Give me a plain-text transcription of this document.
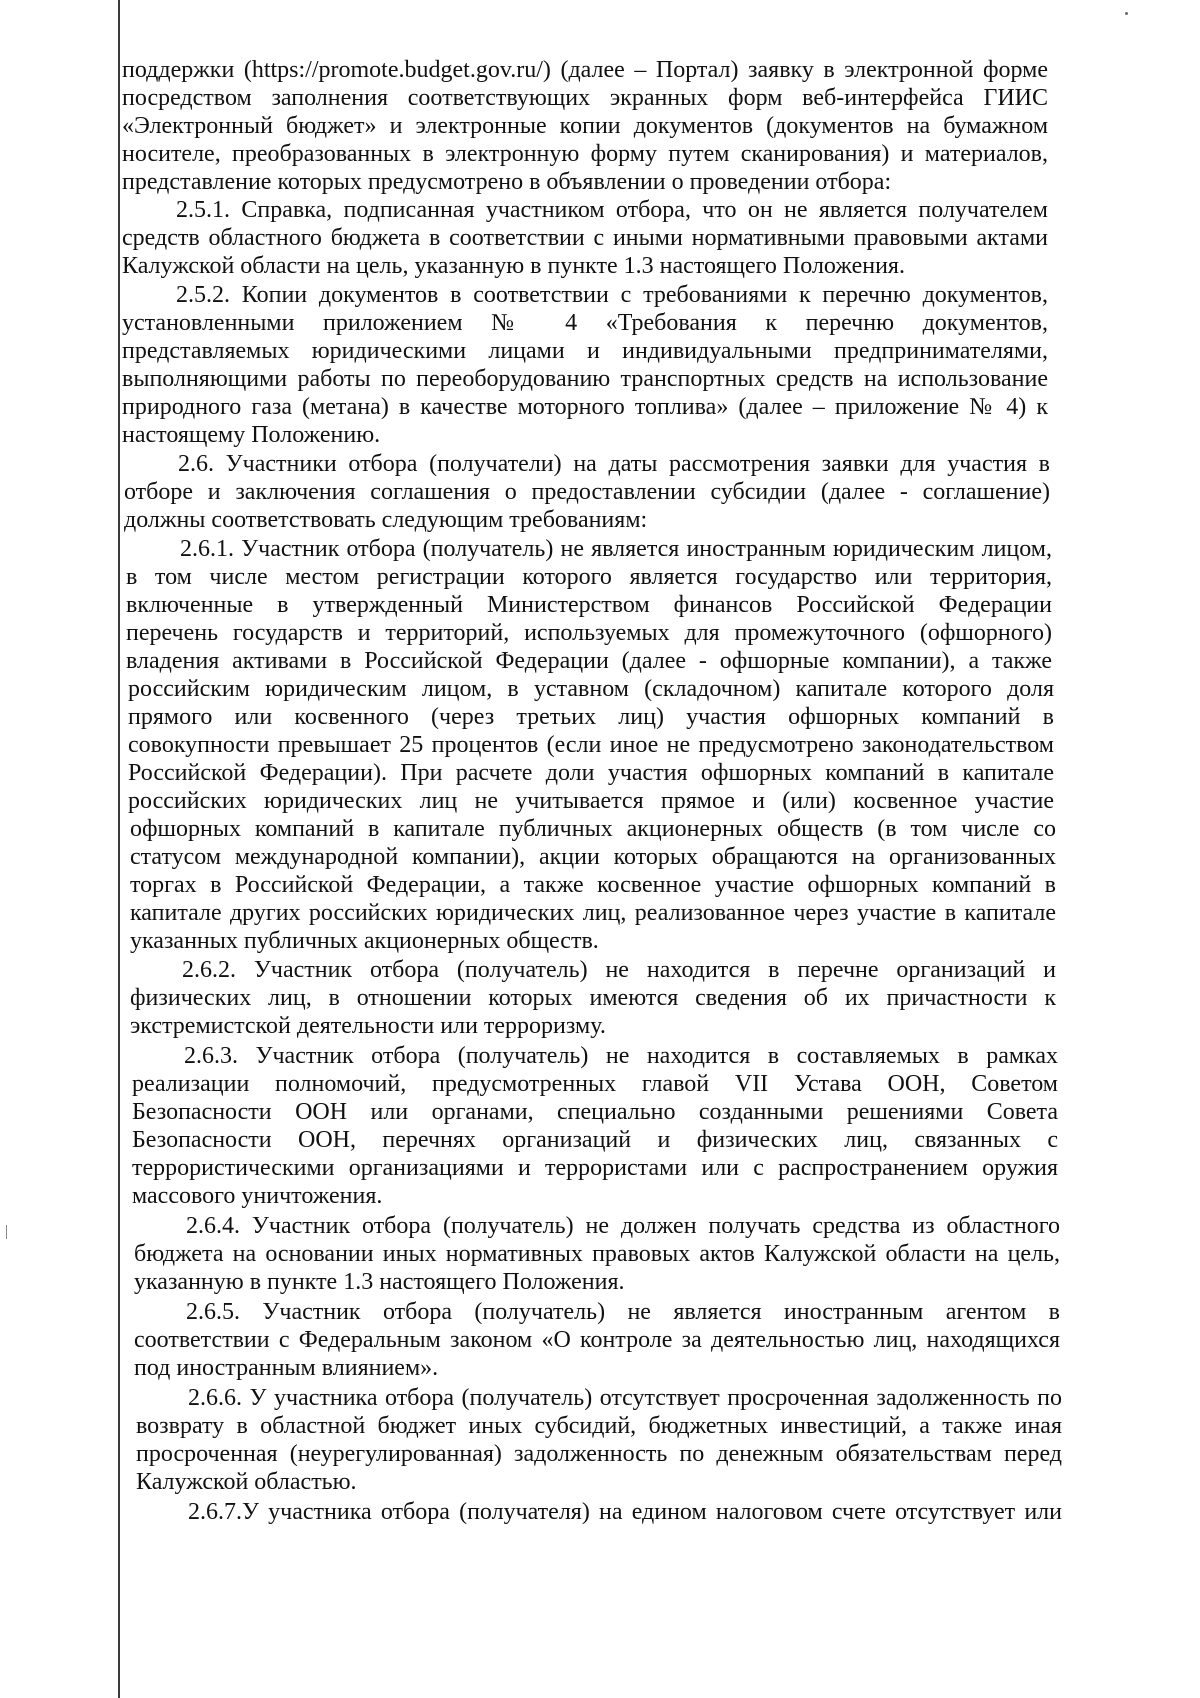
поддержки (https://promote.budget.gov.ru/) (далее – Портал) заявку в электронной форме
посредством заполнения соответствующих экранных форм веб-интерфейса ГИИС
«Электронный бюджет» и электронные копии документов (документов на бумажном
носителе, преобразованных в электронную форму путем сканирования) и материалов,
представление которых предусмотрено в объявлении о проведении отбора:
2.5.1. Справка, подписанная участником отбора, что он не является получателем
средств областного бюджета в соответствии с иными нормативными правовыми актами
Калужской области на цель, указанную в пункте 1.3 настоящего Положения.
2.5.2. Копии документов в соответствии с требованиями к перечню документов,
установленными приложением № 4 «Требования к перечню документов,
представляемых юридическими лицами и индивидуальными предпринимателями,
выполняющими работы по переоборудованию транспортных средств на использование
природного газа (метана) в качестве моторного топлива» (далее – приложение № 4) к
настоящему Положению.
2.6. Участники отбора (получатели) на даты рассмотрения заявки для участия в
отборе и заключения соглашения о предоставлении субсидии (далее - соглашение)
должны соответствовать следующим требованиям:
2.6.1. Участник отбора (получатель) не является иностранным юридическим лицом,
в том числе местом регистрации которого является государство или территория,
включенные в утвержденный Министерством финансов Российской Федерации
перечень государств и территорий, используемых для промежуточного (офшорного)
владения активами в Российской Федерации (далее - офшорные компании), а также
российским юридическим лицом, в уставном (складочном) капитале которого доля
прямого или косвенного (через третьих лиц) участия офшорных компаний в
совокупности превышает 25 процентов (если иное не предусмотрено законодательством
Российской Федерации). При расчете доли участия офшорных компаний в капитале
российских юридических лиц не учитывается прямое и (или) косвенное участие
офшорных компаний в капитале публичных акционерных обществ (в том числе со
статусом международной компании), акции которых обращаются на организованных
торгах в Российской Федерации, а также косвенное участие офшорных компаний в
капитале других российских юридических лиц, реализованное через участие в капитале
указанных публичных акционерных обществ.
2.6.2. Участник отбора (получатель) не находится в перечне организаций и
физических лиц, в отношении которых имеются сведения об их причастности к
экстремистской деятельности или терроризму.
2.6.3. Участник отбора (получатель) не находится в составляемых в рамках
реализации полномочий, предусмотренных главой VII Устава ООН, Советом
Безопасности ООН или органами, специально созданными решениями Совета
Безопасности ООН, перечнях организаций и физических лиц, связанных с
террористическими организациями и террористами или с распространением оружия
массового уничтожения.
2.6.4. Участник отбора (получатель) не должен получать средства из областного
бюджета на основании иных нормативных правовых актов Калужской области на цель,
указанную в пункте 1.3 настоящего Положения.
2.6.5. Участник отбора (получатель) не является иностранным агентом в
соответствии с Федеральным законом «О контроле за деятельностью лиц, находящихся
под иностранным влиянием».
2.6.6. У участника отбора (получатель) отсутствует просроченная задолженность по
возврату в областной бюджет иных субсидий, бюджетных инвестиций, а также иная
просроченная (неурегулированная) задолженность по денежным обязательствам перед
Калужской областью.
2.6.7.У участника отбора (получателя) на едином налоговом счете отсутствует или
